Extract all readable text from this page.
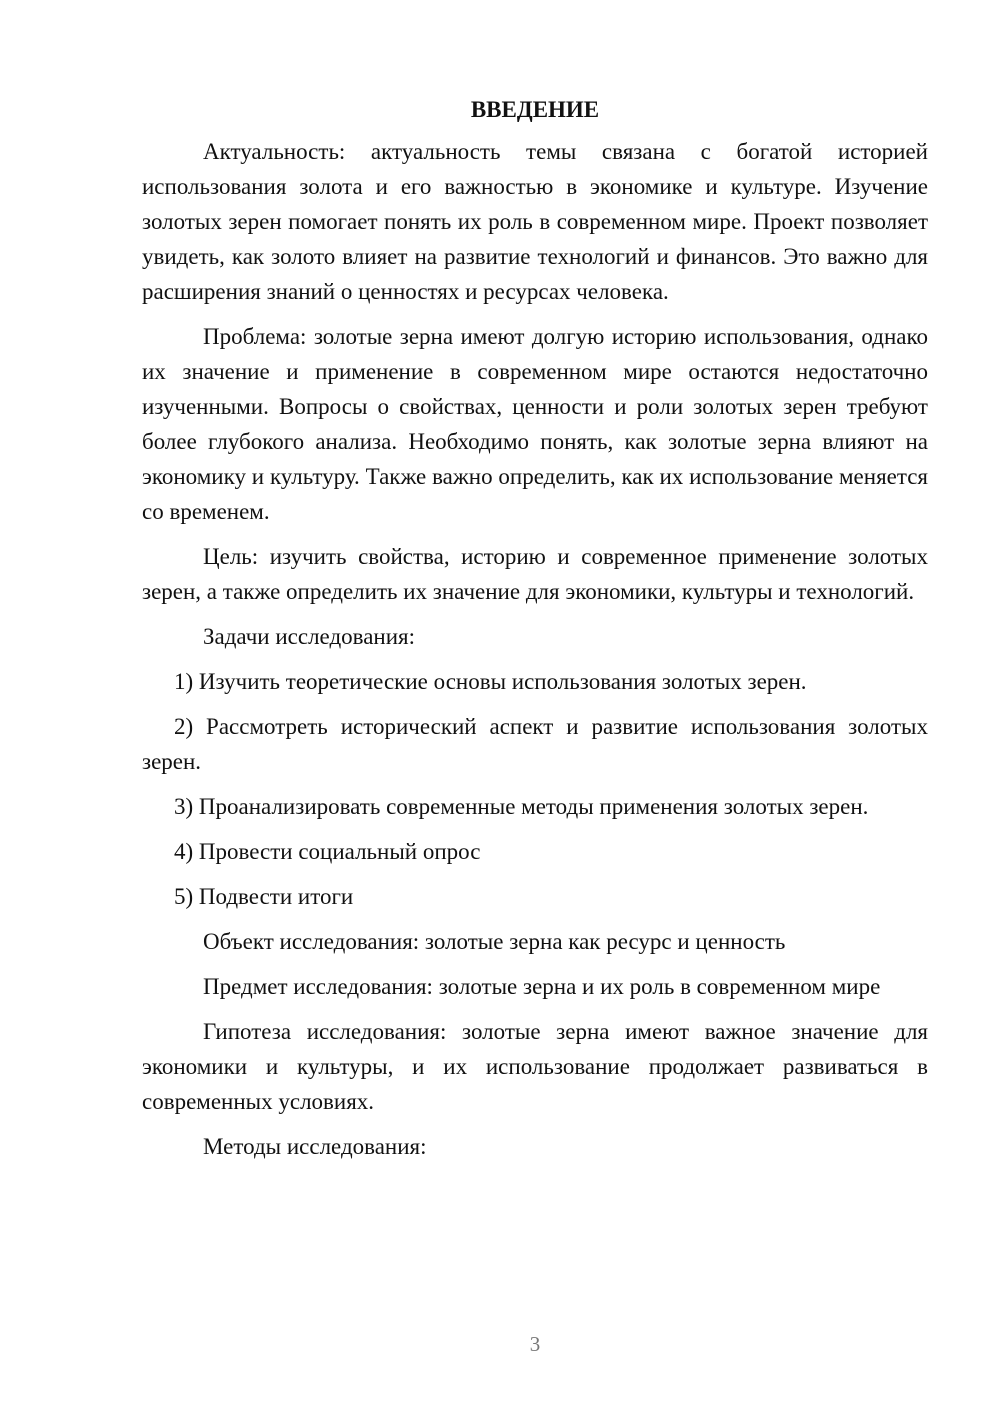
ВВЕДЕНИЕ

Актуальность: актуальность темы связана с богатой историей использования золота и его важностью в экономике и культуре. Изучение золотых зерен помогает понять их роль в современном мире. Проект позволяет увидеть, как золото влияет на развитие технологий и финансов. Это важно для расширения знаний о ценностях и ресурсах человека.

Проблема: золотые зерна имеют долгую историю использования, однако их значение и применение в современном мире остаются недостаточно изученными. Вопросы о свойствах, ценности и роли золотых зерен требуют более глубокого анализа. Необходимо понять, как золотые зерна влияют на экономику и культуру. Также важно определить, как их использование меняется со временем.

Цель: изучить свойства, историю и современное применение золотых зерен, а также определить их значение для экономики, культуры и технологий.

Задачи исследования:

1) Изучить теоретические основы использования золотых зерен.

2) Рассмотреть исторический аспект и развитие использования золотых зерен.

3) Проанализировать современные методы применения золотых зерен.

4) Провести социальный опрос

5) Подвести итоги

Объект исследования: золотые зерна как ресурс и ценность

Предмет исследования: золотые зерна и их роль в современном мире

Гипотеза исследования: золотые зерна имеют важное значение для экономики и культуры, и их использование продолжает развиваться в современных условиях.

Методы исследования:

3
